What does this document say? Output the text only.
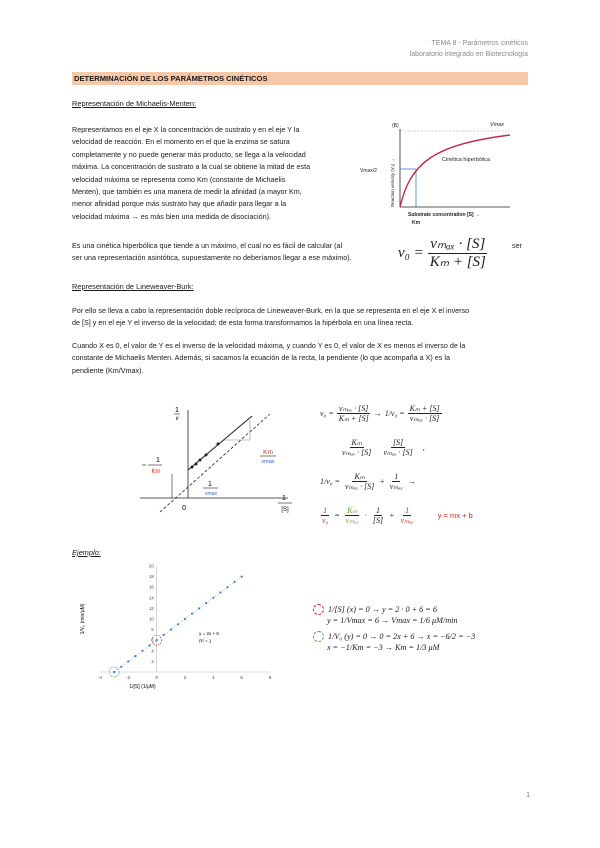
TEMA 8 - Parámetros cinéticos
laboratorio integrado en Biotecnología
DETERMINACIÓN DE LOS PARÁMETROS CINÉTICOS
Representación de Michaelis-Menten:
Representamos en el eje X la concentración de sustrato y en el eje Y la
velocidad de reacción. En el momento en el que la enzima se satura
completamente y no puede generar más producto, se llega a la velocidad
máxima. La concentración de sustrato a la cual se obtiene la mitad de esta
velocidad máxima se representa como Km (constante de Michaelis
Menten), que también es una manera de medir la afinidad (a mayor Km,
menor afinidad porque más sustrato hay que añadir para llegar a la
velocidad máxima → es más bien una medida de disociación).
(B)	Vmax
Vmax/2
Cinética hiperbólica
Reaction velocity (V₀) →
Substrate concentration [S] →
Km
Es una cinética hiperbólica que tiende a un máximo, el cual no es fácil de calcular (al
ser una representación asintótica, supuestamente no deberíamos llegar a ese máximo).	$v_0 = \frac{\text{vₘₐₓ · [S]}}{\text{Kₘ + [S]}}$	ser
Representación de Lineweaver-Burk:
Por ello se lleva a cabo la representación doble recíproca de Lineweaver-Burk, en la que se representa en el eje X el inverso
de [S] y en el eje Y el inverso de la velocidad; de esta forma transformamos la hipérbola en una línea recta.
Cuando X es 0, el valor de Y es el inverso de la velocidad máxima, y cuando Y es 0, el valor de X es menos el inverso de la
constante de Michaelis Menten. Además, si sacamos la ecuación de la recta, la pendiente (lo que acompaña a X) es la
pendiente (Km/Vmax).
1
v
1
Km
Km
vmax
1
vmax
0
1
[S]
$v_0 = \frac{\text{vₘₐₓ · [S]}}{\text{Kₘ + [S]}} \to 1/v_0 = \frac{\text{Kₘ + [S]}}{\text{vₘₐₓ · [S]}}$
$\frac{\text{Kₘ}}{\text{vₘₐₓ · [S]}} \frac{[S]}{\text{vₘₐₓ · [S]}}$ ,
$1/v_0 = \frac{\text{Kₘ}}{\text{vₘₐₓ · [S]}} + \frac{1}{\text{vₘₐₓ}}$ →
$\frac{1}{\text{v₀}} = \frac{\text{Kₘ}}{\text{vₘₐₓ}} \cdot \frac{1}{[S]} + \frac{1}{\text{vₘₐₓ}}$	y = mx + b
Ejemplo:
-4	-2	0	2	4	6	8
2
4
6
8
10
12
14
16
18
20
1/[S] (1/μM)
1/V₀ (min/μM)	y = 2x + 6
R² = 1
1/[S] (x) = 0 → y = 2 · 0 + 6 = 6
y = 1/Vmax = 6 → Vmax = 1/6 μM/min
1/V₀ (y) = 0 → 0 = 2x + 6 → x = −6/2 = −3
x = −1/Km = −3 → Km = 1/3 μM
1
